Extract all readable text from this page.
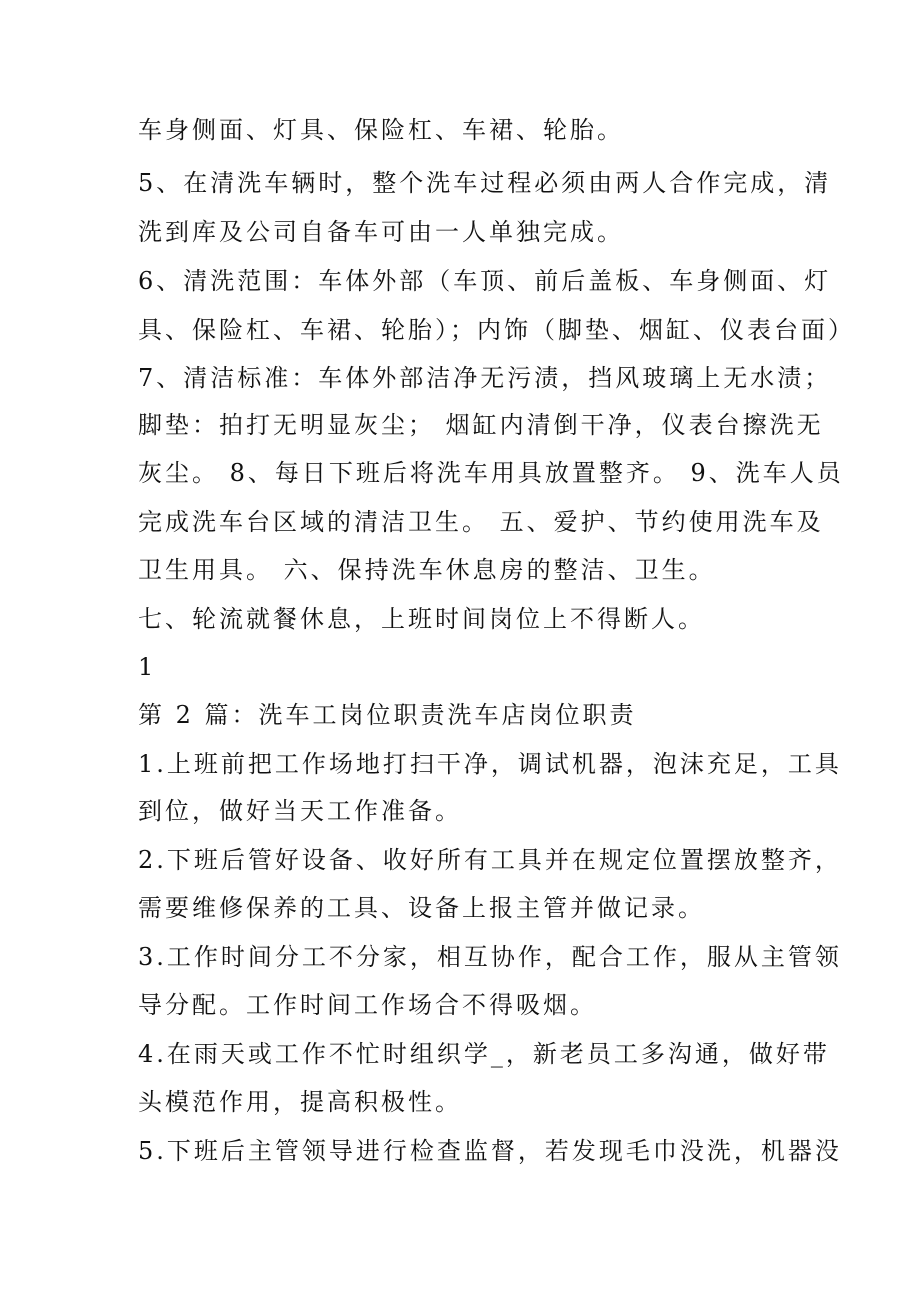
车身侧面、灯具、保险杠、车裙、轮胎。
5、在清洗车辆时，整个洗车过程必须由两人合作完成，清
洗到库及公司自备车可由一人单独完成。
6、清洗范围：车体外部（车顶、前后盖板、车身侧面、灯
具、保险杠、车裙、轮胎）；内饰（脚垫、烟缸、仪表台面）
7、清洁标准：车体外部洁净无污渍，挡风玻璃上无水渍；
脚垫：拍打无明显灰尘； 烟缸内清倒干净，仪表台擦洗无
灰尘。 8、每日下班后将洗车用具放置整齐。 9、洗车人员
完成洗车台区域的清洁卫生。 五、爱护、节约使用洗车及
卫生用具。 六、保持洗车休息房的整洁、卫生。
七、轮流就餐休息，上班时间岗位上不得断人。
1
第 2 篇：洗车工岗位职责洗车店岗位职责
1.上班前把工作场地打扫干净，调试机器，泡沫充足，工具
到位，做好当天工作准备。
2.下班后管好设备、收好所有工具并在规定位置摆放整齐，
需要维修保养的工具、设备上报主管并做记录。
3.工作时间分工不分家，相互协作，配合工作，服从主管领
导分配。工作时间工作场合不得吸烟。
4.在雨天或工作不忙时组织学_，新老员工多沟通，做好带
头模范作用，提高积极性。
5.下班后主管领导进行检查监督，若发现毛巾没洗，机器没
